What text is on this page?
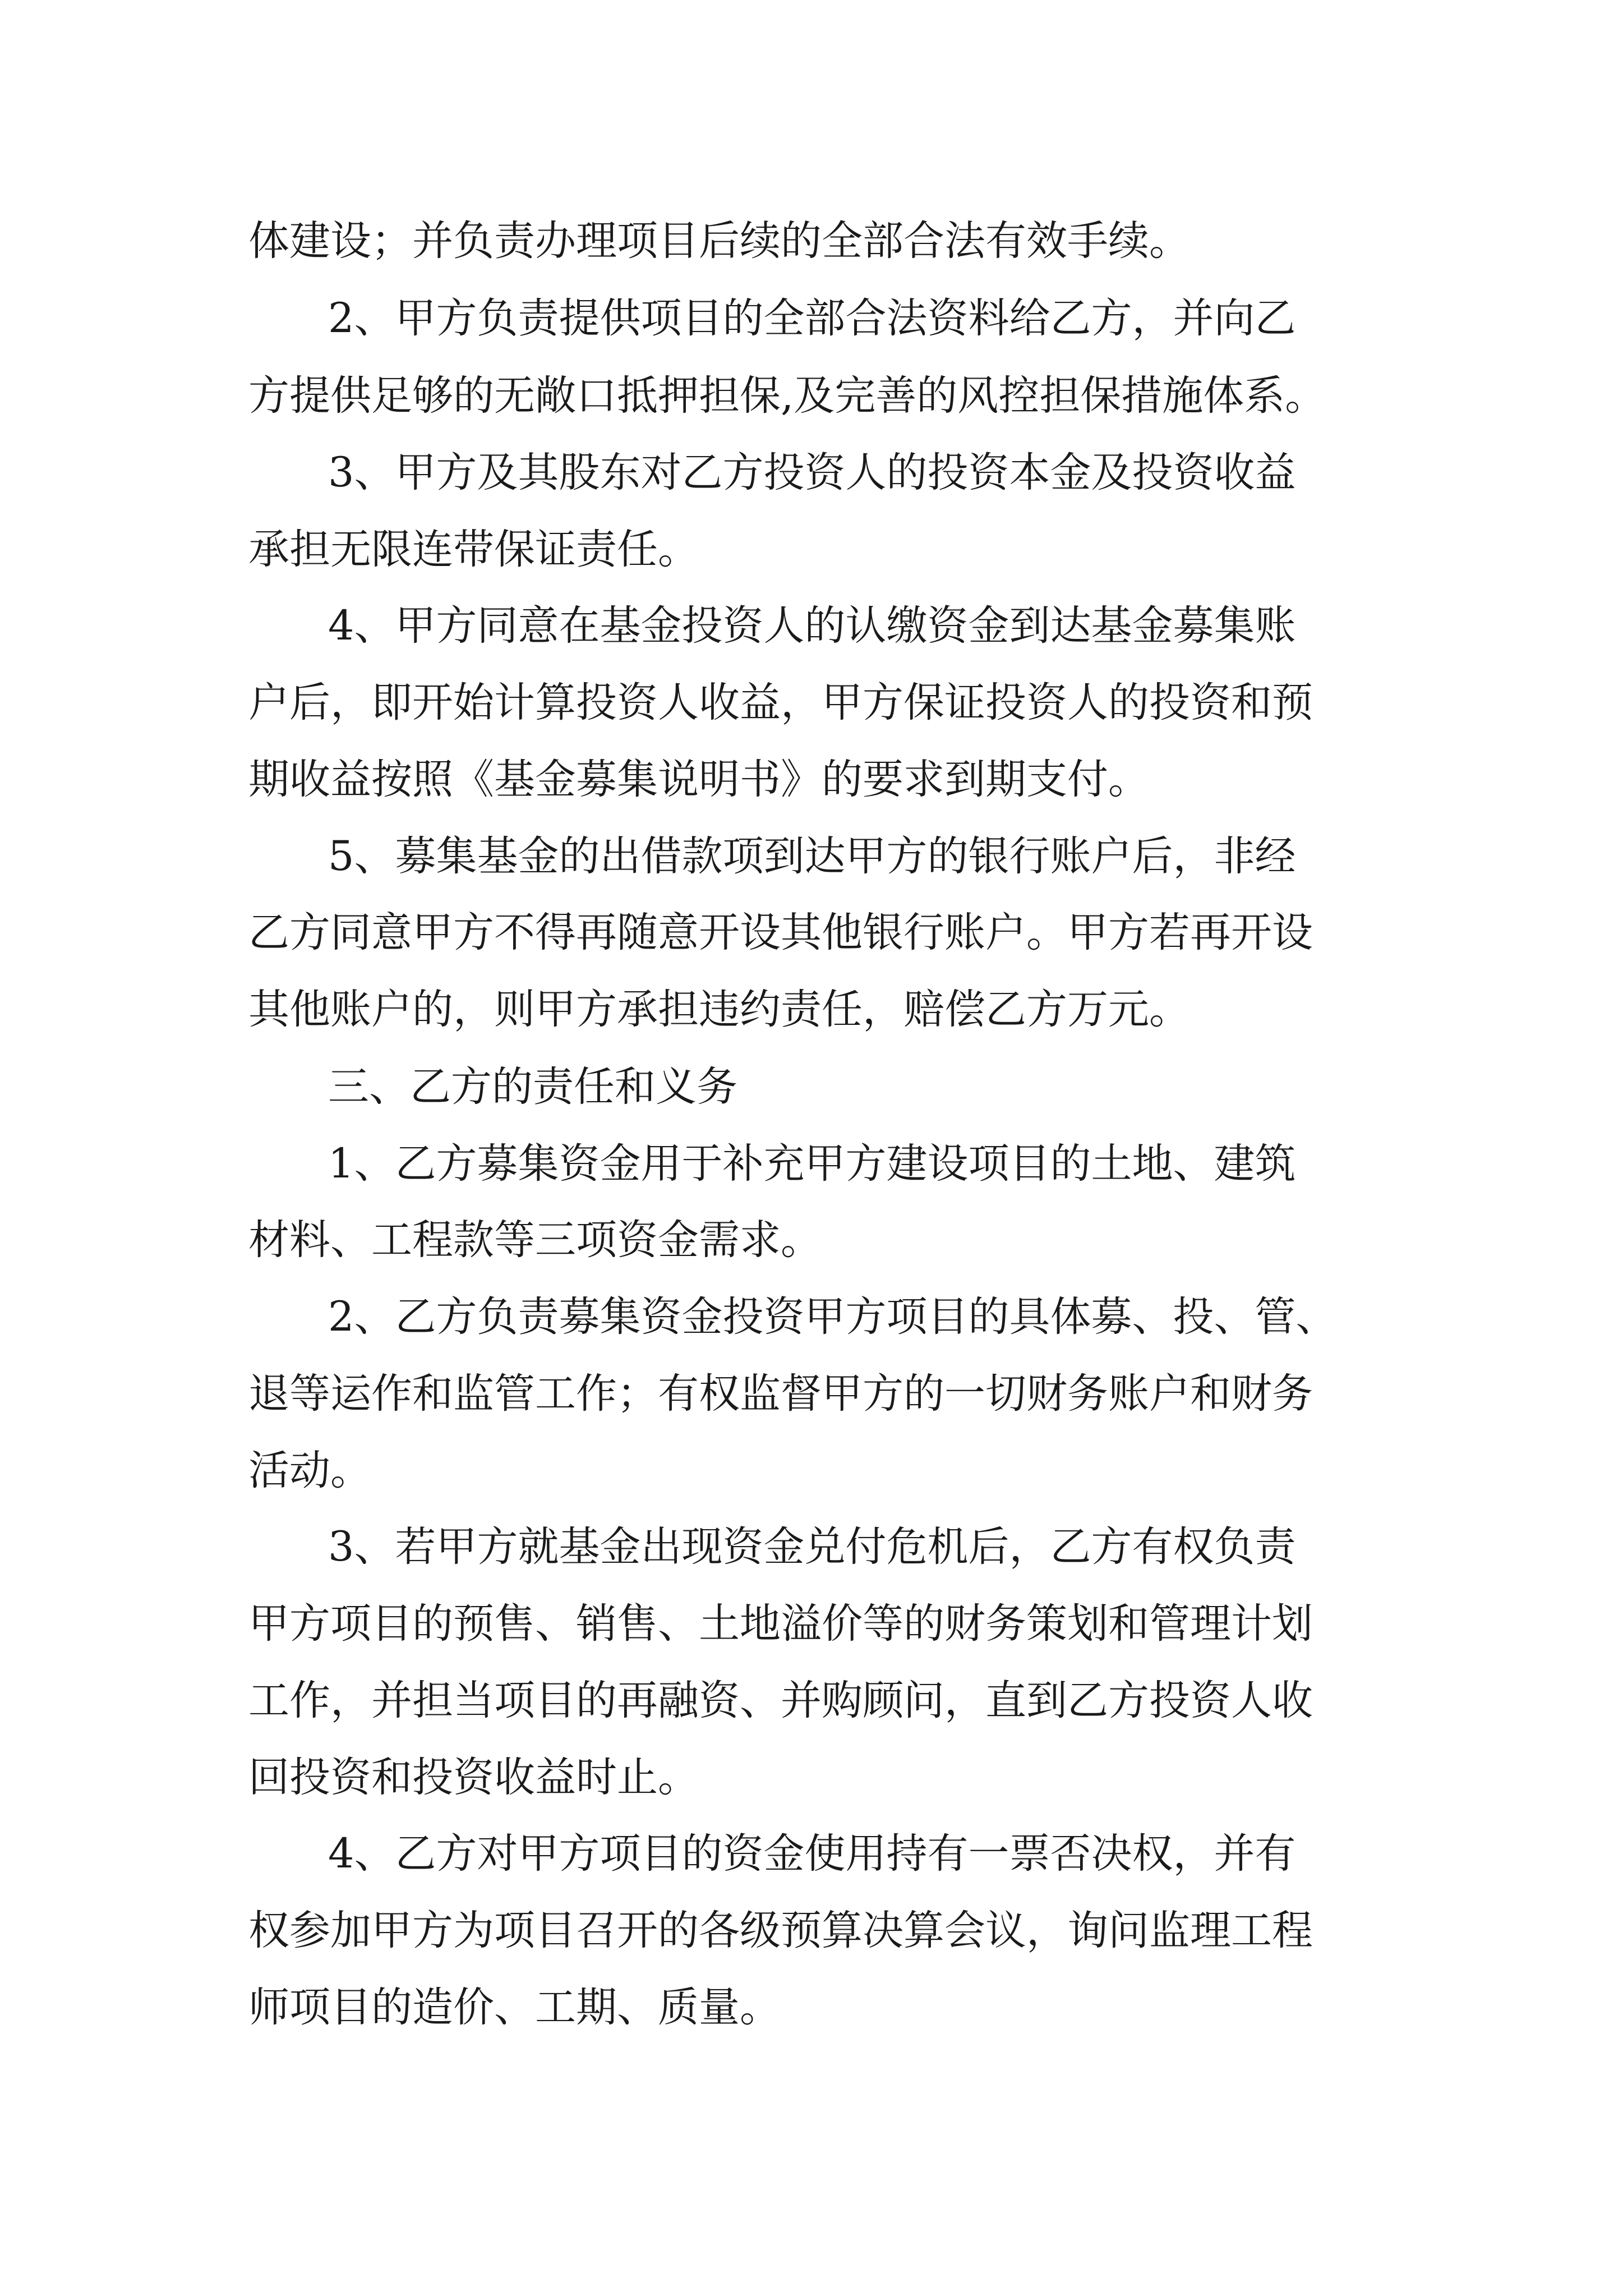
体建设；并负责办理项目后续的全部合法有效手续。

2、甲方负责提供项目的全部合法资料给乙方，并向乙

方提供足够的无敞口抵押担保,及完善的风控担保措施体系。

3、甲方及其股东对乙方投资人的投资本金及投资收益

承担无限连带保证责任。

4、甲方同意在基金投资人的认缴资金到达基金募集账

户后，即开始计算投资人收益，甲方保证投资人的投资和预

期收益按照《基金募集说明书》的要求到期支付。

5、募集基金的出借款项到达甲方的银行账户后，非经

乙方同意甲方不得再随意开设其他银行账户。甲方若再开设

其他账户的，则甲方承担违约责任，赔偿乙方万元。

三、乙方的责任和义务

1、乙方募集资金用于补充甲方建设项目的土地、建筑

材料、工程款等三项资金需求。

2、乙方负责募集资金投资甲方项目的具体募、投、管、

退等运作和监管工作；有权监督甲方的一切财务账户和财务

活动。

3、若甲方就基金出现资金兑付危机后，乙方有权负责

甲方项目的预售、销售、土地溢价等的财务策划和管理计划

工作，并担当项目的再融资、并购顾问，直到乙方投资人收

回投资和投资收益时止。

4、乙方对甲方项目的资金使用持有一票否决权，并有

权参加甲方为项目召开的各级预算决算会议，询问监理工程

师项目的造价、工期、质量。
